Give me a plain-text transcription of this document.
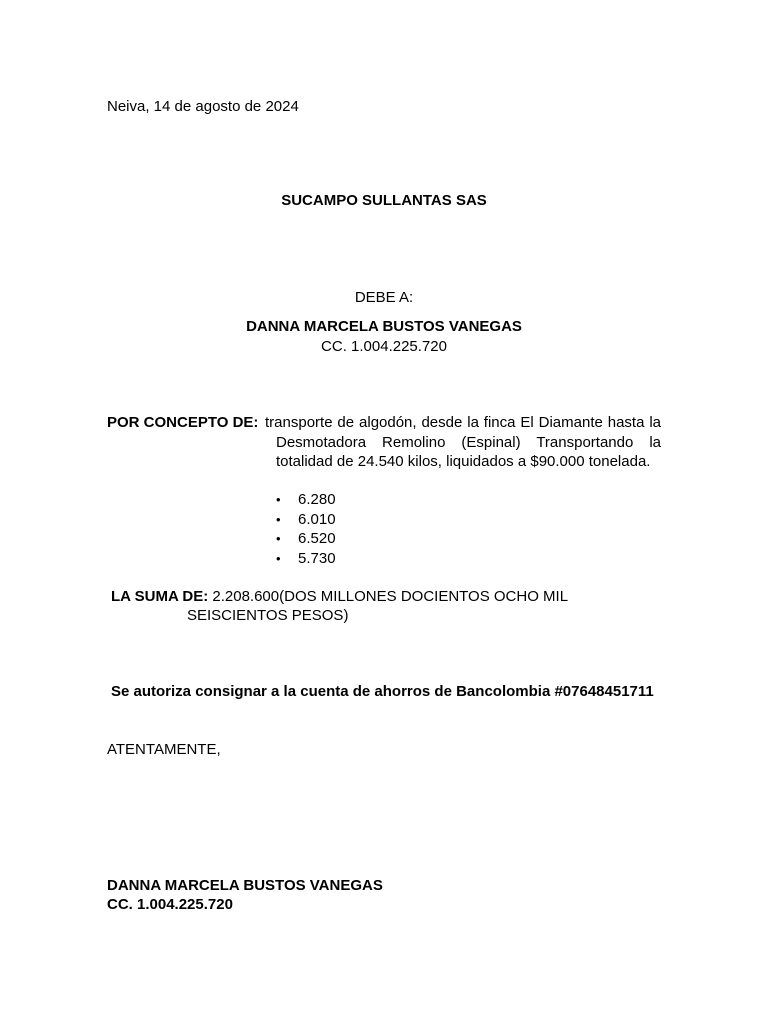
Neiva, 14 de agosto de 2024
SUCAMPO SULLANTAS SAS
DEBE A:
DANNA MARCELA BUSTOS VANEGAS
CC. 1.004.225.720
POR CONCEPTO DE: transporte de algodón, desde la finca El Diamante hasta la Desmotadora Remolino (Espinal) Transportando la totalidad de 24.540 kilos, liquidados a $90.000 tonelada.
•	6.280
•	6.010
•	6.520
•	5.730
LA SUMA DE: 2.208.600(DOS MILLONES DOCIENTOS OCHO MIL
SEISCIENTOS PESOS)
Se autoriza consignar a la cuenta de ahorros de Bancolombia #07648451711
ATENTAMENTE,
DANNA MARCELA BUSTOS VANEGAS
CC. 1.004.225.720
